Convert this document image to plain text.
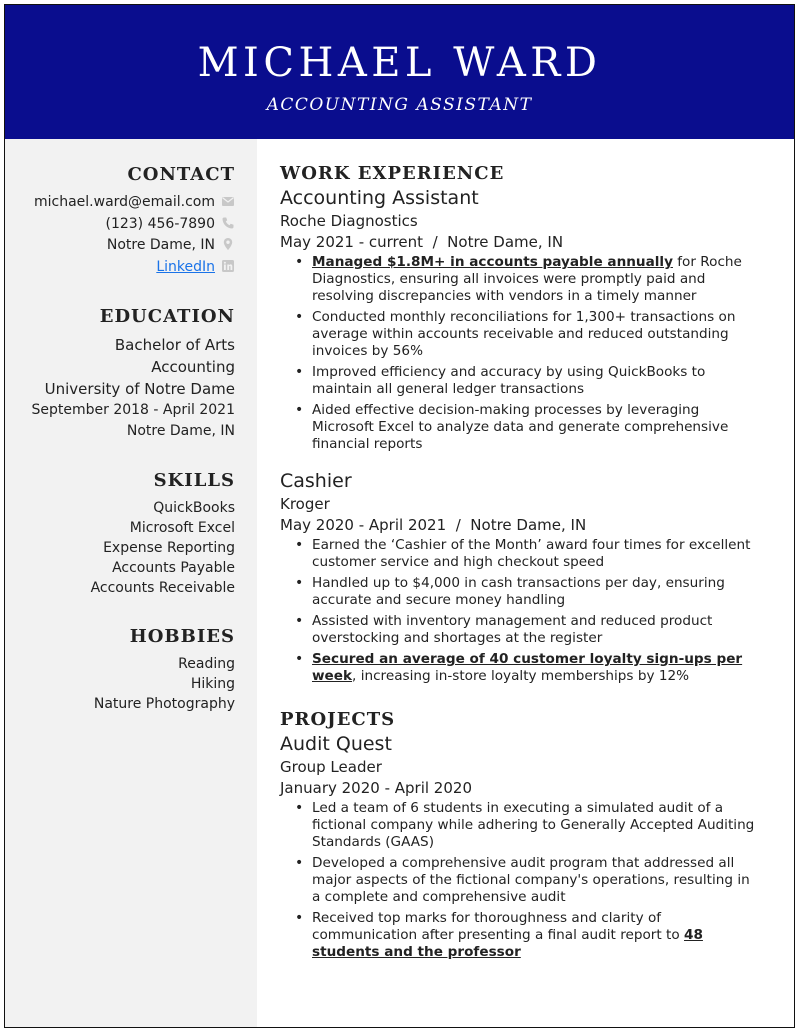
MICHAEL WARD
ACCOUNTING ASSISTANT
CONTACT
michael.ward@email.com
(123) 456-7890
Notre Dame, IN
LinkedIn
EDUCATION
Bachelor of Arts
Accounting
University of Notre Dame
September 2018 - April 2021
Notre Dame, IN
SKILLS
QuickBooks
Microsoft Excel
Expense Reporting
Accounts Payable
Accounts Receivable
HOBBIES
Reading
Hiking
Nature Photography
WORK EXPERIENCE
Accounting Assistant
Roche Diagnostics
May 2021 - current / Notre Dame, IN
• Managed $1.8M+ in accounts payable annually for Roche Diagnostics, ensuring all invoices were promptly paid and resolving discrepancies with vendors in a timely manner
• Conducted monthly reconciliations for 1,300+ transactions on average within accounts receivable and reduced outstanding invoices by 56%
• Improved efficiency and accuracy by using QuickBooks to maintain all general ledger transactions
• Aided effective decision-making processes by leveraging Microsoft Excel to analyze data and generate comprehensive financial reports
Cashier
Kroger
May 2020 - April 2021 / Notre Dame, IN
• Earned the ‘Cashier of the Month’ award four times for excellent customer service and high checkout speed
• Handled up to $4,000 in cash transactions per day, ensuring accurate and secure money handling
• Assisted with inventory management and reduced product overstocking and shortages at the register
• Secured an average of 40 customer loyalty sign-ups per week, increasing in-store loyalty memberships by 12%
PROJECTS
Audit Quest
Group Leader
January 2020 - April 2020
• Led a team of 6 students in executing a simulated audit of a fictional company while adhering to Generally Accepted Auditing Standards (GAAS)
• Developed a comprehensive audit program that addressed all major aspects of the fictional company's operations, resulting in a complete and comprehensive audit
• Received top marks for thoroughness and clarity of communication after presenting a final audit report to 48 students and the professor
